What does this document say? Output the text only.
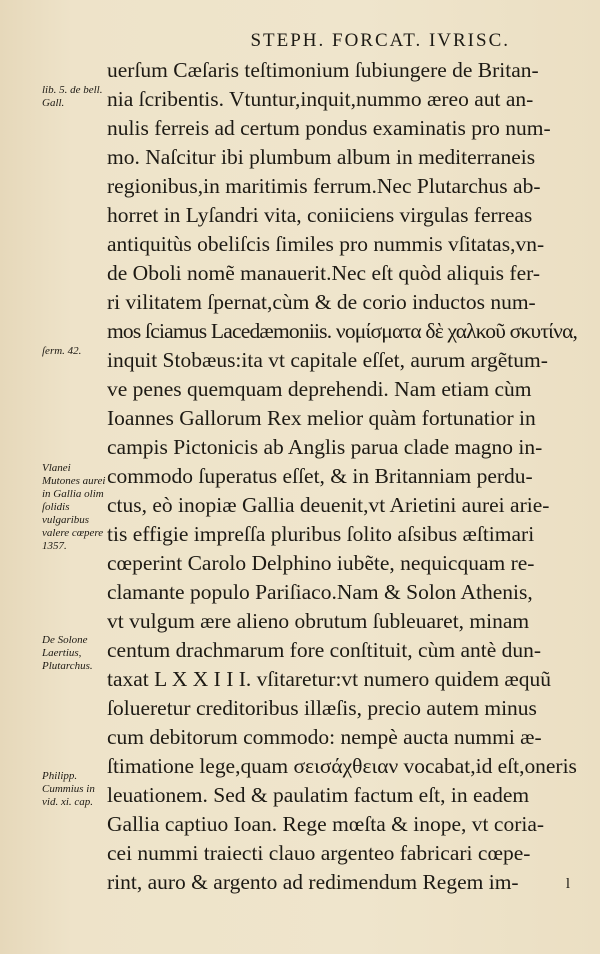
STEPH. FORCAT. IVRISC.
lib. 5. de bell. Gall.
ſerm. 42.
Vlanei Mutones aurei in Gallia olim ſolidis vulgaribus valere cœpere 1357.
De Solone Laertius, Plutarchus.
Philipp. Cummius in vid. xi. cap.
uerſum Cæſaris teſtimonium ſubiungere de Britan-
nia ſcribentis. Vtuntur,inquit,nummo æreo aut an-
nulis ferreis ad certum pondus examinatis pro num-
mo. Naſcitur ibi plumbum album in mediterraneis
regionibus,in maritimis ferrum.Nec Plutarchus ab-
horret in Lyſandri vita, coniiciens virgulas ferreas
antiquitùs obeliſcis ſimiles pro nummis vſitatas,vn-
de Oboli nomẽ manauerit.Nec eſt quòd aliquis fer-
ri vilitatem ſpernat,cùm & de corio inductos num-
mos ſciamus Lacedæmoniis. νομίσματα δὲ χαλκοῦ σκυτίνα,
inquit Stobæus:ita vt capitale eſſet, aurum argẽtum-
ve penes quemquam deprehendi. Nam etiam cùm
Ioannes Gallorum Rex melior quàm fortunatior in
campis Pictonicis ab Anglis parua clade magno in-
commodo ſuperatus eſſet, & in Britanniam perdu-
ctus, eò inopiæ Gallia deuenit,vt Arietini aurei arie-
tis effigie impreſſa pluribus ſolito aſsibus æſtimari
cœperint Carolo Delphino iubẽte, nequicquam re-
clamante populo Pariſiaco.Nam & Solon Athenis,
vt vulgum ære alieno obrutum ſubleuaret, minam
centum drachmarum fore conſtituit, cùm antè dun-
taxat L X X I I I. vſitaretur:vt numero quidem æquũ
ſolueretur creditoribus illæſis, precio autem minus
cum debitorum commodo: nempè aucta nummi æ-
ſtimatione lege,quam σεισάχθειαν vocabat,id eſt,oneris
leuationem. Sed & paulatim factum eſt, in eadem
Gallia captiuo Ioan. Rege mœſta & inope, vt coria-
cei nummi traiecti clauo argenteo fabricari cœpe-
rint, auro & argento ad redimendum Regem im-	l
